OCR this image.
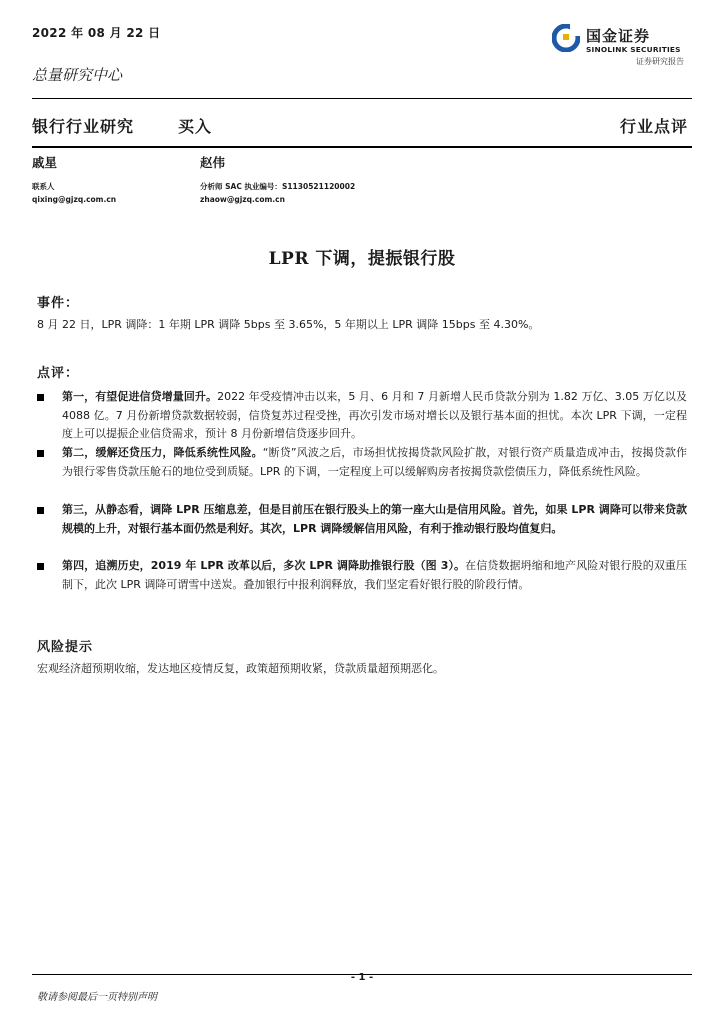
2022 年 08 月 22 日	国金证券
SINOLINK SECURITIES
证券研究报告
总量研究中心
银行行业研究	买入	行业点评
戚星
联系人
qixing@gjzq.com.cn
赵伟
分析师 SAC 执业编号：S1130521120002
zhaow@gjzq.com.cn
LPR 下调，提振银行股
事件：
8 月 22 日，LPR 调降：1 年期 LPR 调降 5bps 至 3.65%，5 年期以上 LPR 调降 15bps 至 4.30%。
点评：
第一，有望促进信贷增量回升。2022 年受疫情冲击以来，5 月、6 月和 7 月新增人民币贷款分别为 1.82 万亿、3.05 万亿以及 4088 亿。7 月份新增贷款数据较弱，信贷复苏过程受挫，再次引发市场对增长以及银行基本面的担忧。本次 LPR 下调，一定程度上可以提振企业信贷需求，预计 8 月份新增信贷逐步回升。
第二，缓解还贷压力，降低系统性风险。“断贷”风波之后，市场担忧按揭贷款风险扩散，对银行资产质量造成冲击，按揭贷款作为银行零售贷款压舱石的地位受到质疑。LPR 的下调，一定程度上可以缓解购房者按揭贷款偿债压力，降低系统性风险。
第三，从静态看，调降 LPR 压缩息差，但是目前压在银行股头上的第一座大山是信用风险。首先，如果 LPR 调降可以带来贷款规模的上升，对银行基本面仍然是利好。其次，LPR 调降缓解信用风险，有利于推动银行股均值复归。
第四，追溯历史，2019 年 LPR 改革以后，多次 LPR 调降助推银行股（图 3）。在信贷数据坍缩和地产风险对银行股的双重压制下，此次 LPR 调降可谓雪中送炭。叠加银行中报利润释放，我们坚定看好银行股的阶段行情。
风险提示
宏观经济超预期收缩，发达地区疫情反复，政策超预期收紧，贷款质量超预期恶化。
- 1 -
敬请参阅最后一页特别声明
